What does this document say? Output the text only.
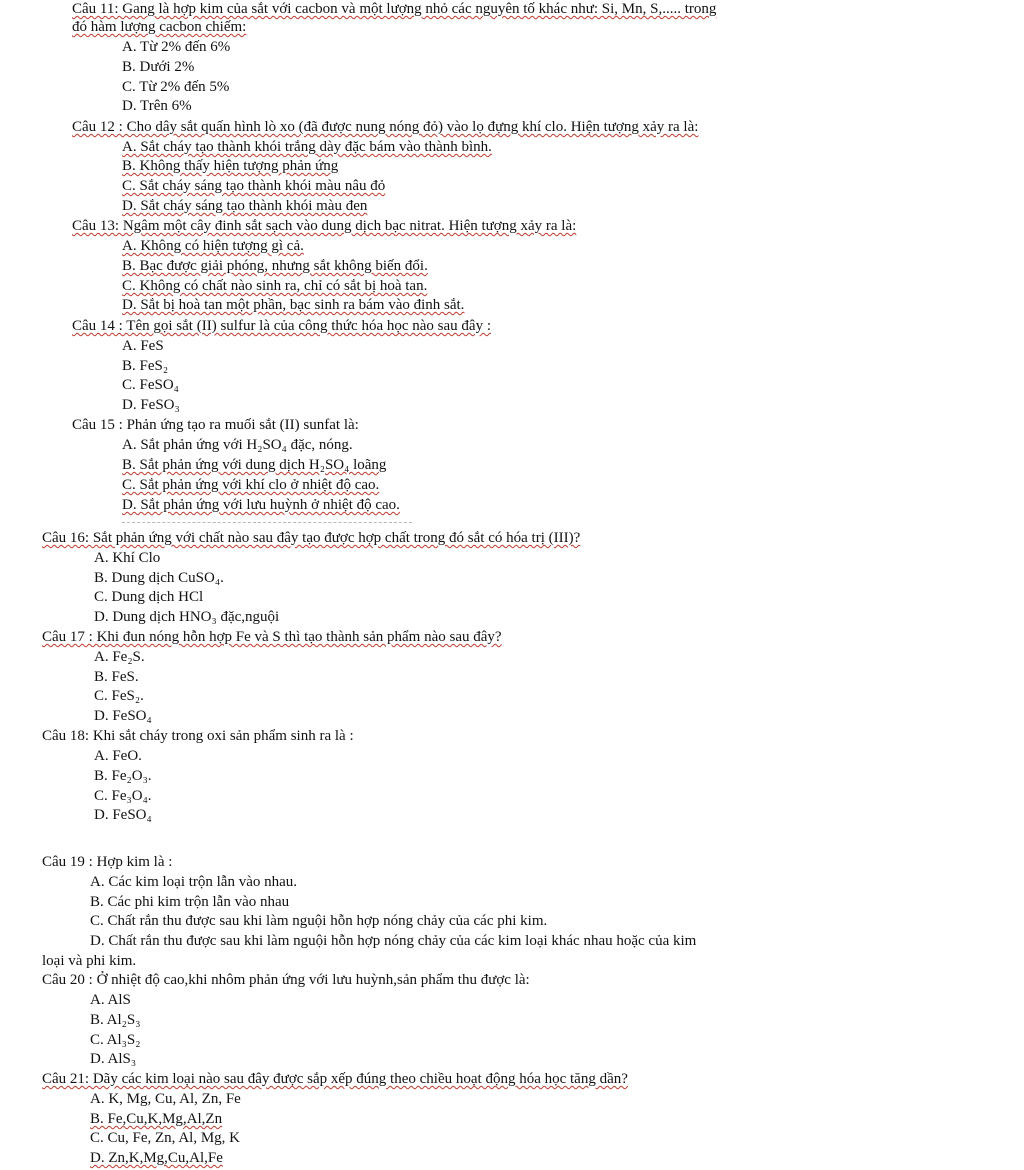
Câu 11: Gang là hợp kim của sắt với cacbon và một lượng nhỏ các nguyên tố khác như: Si, Mn, S,..... trong
đó hàm lượng cacbon chiếm:
A. Từ 2% đến 6%
B. Dưới 2%
C. Từ 2% đến 5%
D. Trên 6%
Câu 12 : Cho dây sắt quấn hình lò xo (đã được nung nóng đỏ) vào lọ đựng khí clo. Hiện tượng xảy ra là:
A. Sắt cháy tạo thành khói trắng dày đặc bám vào thành bình.
B. Không thấy hiện tượng phản ứng
C. Sắt cháy sáng tạo thành khói màu nâu đỏ
D. Sắt cháy sáng tạo thành khói màu đen
Câu 13: Ngâm một cây đinh sắt sạch vào dung dịch bạc nitrat. Hiện tượng xảy ra là:
A. Không có hiện tượng gì cả.
B. Bạc được giải phóng, nhưng sắt không biến đổi.
C. Không có chất nào sinh ra, chỉ có sắt bị hoà tan.
D. Sắt bị hoà tan một phần, bạc sinh ra bám vào đinh sắt.
Câu 14 : Tên gọi sắt (II) sulfur là của công thức hóa học nào sau đây :
A. FeS
B. FeS₂
C. FeSO₄
D. FeSO₃
Câu 15 : Phản ứng tạo ra muối sắt (II) sunfat là:
A. Sắt phản ứng với H₂SO₄ đặc, nóng.
B. Sắt phản ứng với dung dịch H₂SO₄ loãng
C. Sắt phản ứng với khí clo ở nhiệt độ cao.
D. Sắt phản ứng với lưu huỳnh ở nhiệt độ cao.
Câu 16: Sắt phản ứng với chất nào sau đây tạo được hợp chất trong đó sắt có hóa trị (III)?
A. Khí Clo
B. Dung dịch CuSO₄.
C. Dung dịch HCl
D. Dung dịch HNO₃ đặc,nguội
Câu 17 : Khi đun nóng hỗn hợp Fe và S thì tạo thành sản phẩm nào sau đây?
A. Fe₂S.
B. FeS.
C. FeS₂.
D. FeSO₄
Câu 18: Khi sắt cháy trong oxi sản phẩm sinh ra là :
A. FeO.
B. Fe₂O₃.
C. Fe₃O₄.
D. FeSO₄
Câu 19 : Hợp kim là :
A. Các kim loại trộn lẫn vào nhau.
B. Các phi kim trộn lẫn vào nhau
C. Chất rắn thu được sau khi làm nguội hỗn hợp nóng chảy của các phi kim.
D. Chất rắn thu được sau khi làm nguội hỗn hợp nóng chảy của các kim loại khác nhau hoặc của kim
loại và phi kim.
Câu 20 : Ở nhiệt độ cao,khi nhôm phản ứng với lưu huỳnh,sản phẩm thu được là:
A. AlS
B. Al₂S₃
C. Al₃S₂
D. AlS₃
Câu 21: Dãy các kim loại nào sau đây được sắp xếp đúng theo chiều hoạt động hóa học tăng dần?
A. K, Mg, Cu, Al, Zn, Fe
B. Fe,Cu,K,Mg,Al,Zn
C. Cu, Fe, Zn, Al, Mg, K
D. Zn,K,Mg,Cu,Al,Fe
